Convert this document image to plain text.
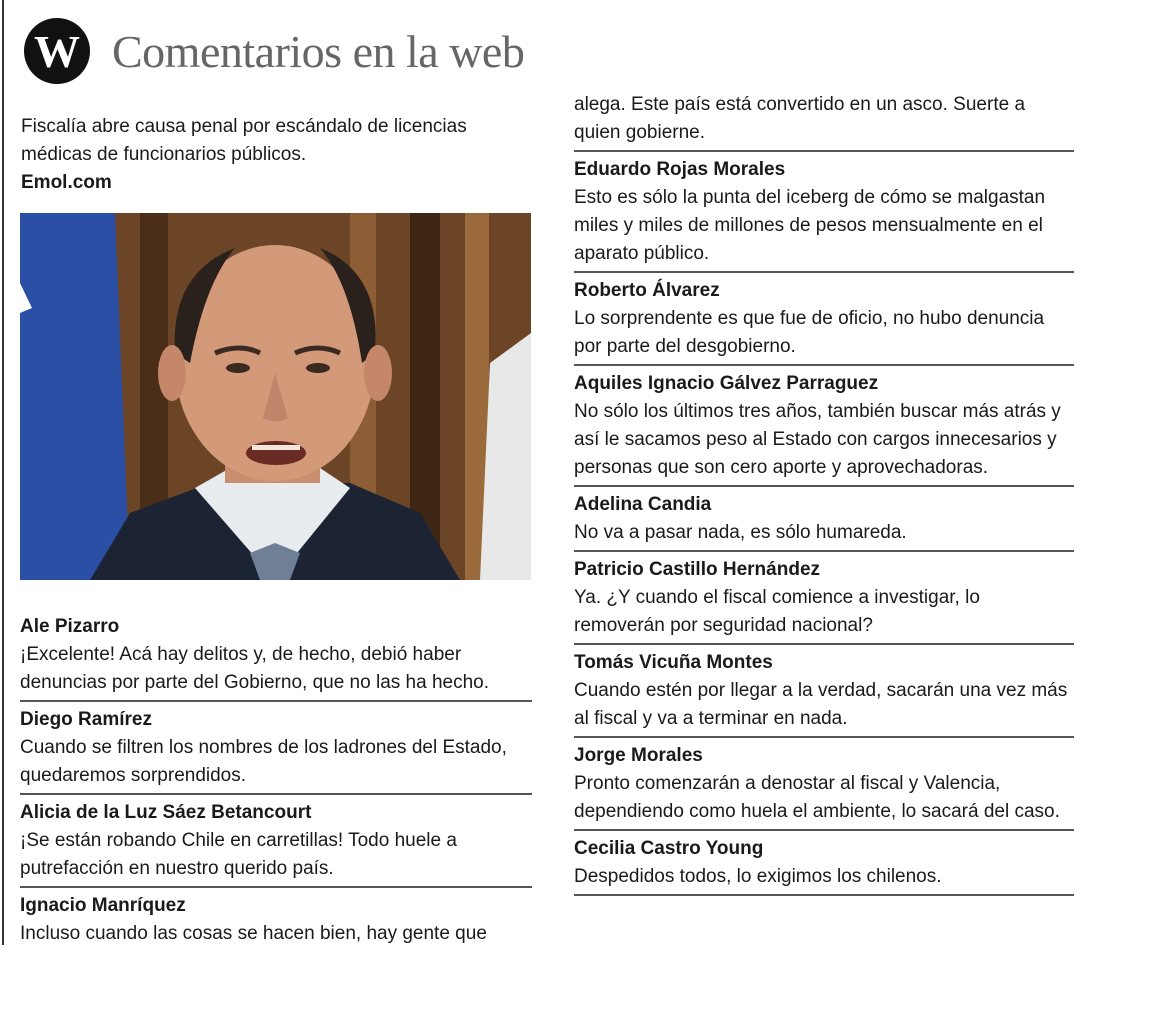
W Comentarios en la web
Fiscalía abre causa penal por escándalo de licencias médicas de funcionarios públicos.
Emol.com
Ale Pizarro
¡Excelente! Acá hay delitos y, de hecho, debió haber denuncias por parte del Gobierno, que no las ha hecho.
Diego Ramírez
Cuando se filtren los nombres de los ladrones del Estado, quedaremos sorprendidos.
Alicia de la Luz Sáez Betancourt
¡Se están robando Chile en carretillas! Todo huele a putrefacción en nuestro querido país.
Ignacio Manríquez
Incluso cuando las cosas se hacen bien, hay gente que
alega. Este país está convertido en un asco. Suerte a quien gobierne.
Eduardo Rojas Morales
Esto es sólo la punta del iceberg de cómo se malgastan miles y miles de millones de pesos mensualmente en el aparato público.
Roberto Álvarez
Lo sorprendente es que fue de oficio, no hubo denuncia por parte del desgobierno.
Aquiles Ignacio Gálvez Parraguez
No sólo los últimos tres años, también buscar más atrás y así le sacamos peso al Estado con cargos innecesarios y personas que son cero aporte y aprovechadoras.
Adelina Candia
No va a pasar nada, es sólo humareda.
Patricio Castillo Hernández
Ya. ¿Y cuando el fiscal comience a investigar, lo removerán por seguridad nacional?
Tomás Vicuña Montes
Cuando estén por llegar a la verdad, sacarán una vez más al fiscal y va a terminar en nada.
Jorge Morales
Pronto comenzarán a denostar al fiscal y Valencia, dependiendo como huela el ambiente, lo sacará del caso.
Cecilia Castro Young
Despedidos todos, lo exigimos los chilenos.
